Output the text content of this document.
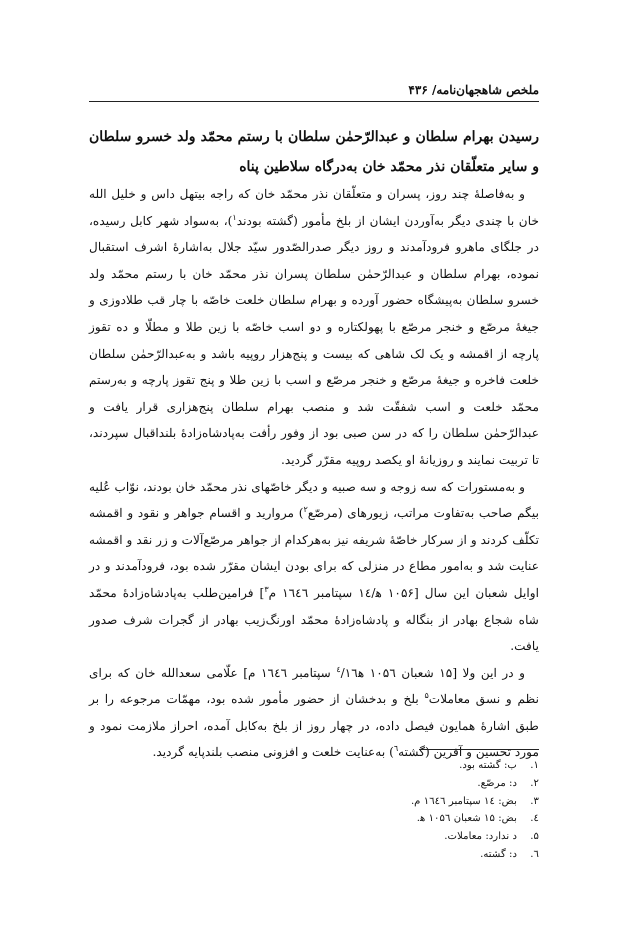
ملخص شاهجهان‌نامه/ ۴۳۶
رسیدن بهرام سلطان و عبدالرّحمٰن سلطان با رستم محمّد ولد خسرو سلطان و سایر متعلّقان نذر محمّد خان به‌درگاه سلاطین پناه

و به‌فاصلهٔ چند روز، پسران و متعلّقان نذر محمّد خان که راجه بیتهل داس و خلیل الله خان با چندی دیگر به‌آوردن ایشان از بلخ مأمور (گشته بودند$^۱$)، به‌سواد شهر کابل رسیده، در جلگای ماهرو فرودآمدند و روز دیگر صدرالصّدور سیّد جلال به‌اشارهٔ اشرف استقبال نموده، بهرام سلطان و عبدالرّحمٰن سلطان پسران نذر محمّد خان با رستم محمّد ولد خسرو سلطان به‌پیشگاه حضور آورده و بهرام سلطان خلعت خاصّه با چار قب طلادوزی و جیغهٔ مرصّع و خنجر مرصّع با پهولکتاره و دو اسب خاصّه با زین طلا و مطلّا و ده تقوز پارچه از اقمشه و یک لک شاهی که بیست و پنج‌هزار روپیه باشد و به‌عبدالرّحمٰن سلطان خلعت فاخره و جیغهٔ مرصّع و خنجر مرصّع و اسب با زین طلا و پنج تقوز پارچه و به‌رستم محمّد خلعت و اسب شفقّت شد و منصب بهرام سلطان پنج‌هزاری قرار یافت و عبدالرّحمٰن سلطان را که در سن صبی بود از وفور رأفت به‌پادشاه‌زادهٔ بلنداقبال سپردند، تا تربیت نمایند و روزیانهٔ او یکصد روپیه مقرّر گردید.

و به‌مستورات که سه زوجه و سه صبیه و دیگر خاصّهای نذر محمّد خان بودند، نوّاب عُلیه بیگم صاحب به‌تفاوت مراتب، زیورهای (مرصّع$^۲$) مروارید و اقسام جواهر و نقود و اقمشه تکلّف کردند و از سرکار خاصّهٔ شریفه نیز به‌هرکدام از جواهر مرصّع‌آلات و زر نقد و اقمشه عنایت شد و به‌امور مطاع در منزلی که برای بودن ایشان مقرّر شده بود، فرودآمدند و در اوایل شعبان این سال [۱۰۵۶ ﻫ/۱٤ سپتامبر ۱٦٤٦ م$^۳$] فرامین‌طلب به‌پادشاه‌زادهٔ محمّد شاه شجاع بهادر از بنگاله و پادشاه‌زادهٔ محمّد اورنگ‌زیب بهادر از گجرات شرف صدور یافت.

و در این ولا [۱۵ شعبان ۱۰۵٦ ﻫ$^٤$/۱٦ سپتامبر ۱٦٤٦ م] علّامی سعدالله خان که برای نظم و نسق معاملات$^۵$ بلخ و بدخشان از حضور مأمور شده بود، مهمّات مرجوعه را بر طبق اشارهٔ همایون فیصل داده، در چهار روز از بلخ به‌کابل آمده، احراز ملازمت نمود و مورد تحسین و آفرین (گشته$^٦$) به‌عنایت خلعت و افزونی منصب بلندپایه گردید.

۱.
ب: گشته بود.
۲.
د: مرصّع.
۳.
بض: ۱٤ سپتامبر ۱٦٤٦ م.
٤.
بض: ۱۵ شعبان ۱۰۵٦ ﻫ.
۵.
د ندارد: معاملات.
٦.
د: گشته.
